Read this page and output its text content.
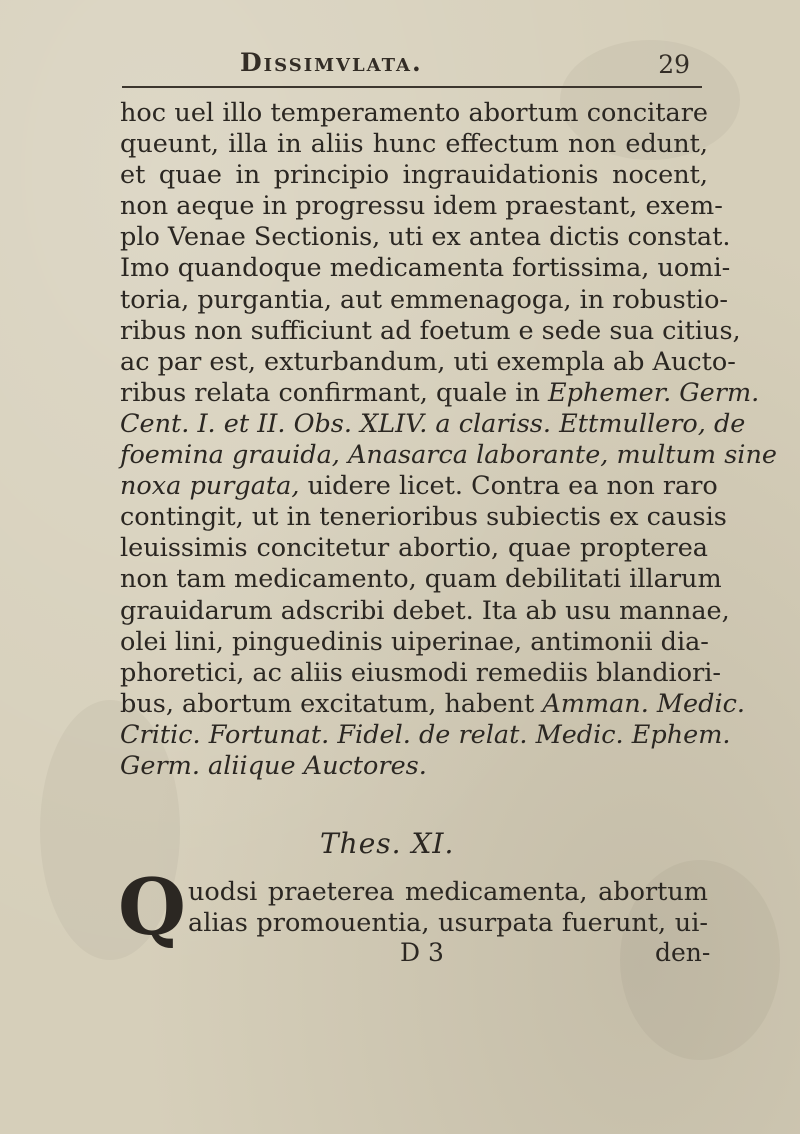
Dissimvlata.	29
hoc uel illo temperamento abortum concitare
queunt, illa in aliis hunc effectum non edunt,
et quae in principio ingrauidationis nocent,
non aeque in progressu idem praestant, exem-
plo Venae Sectionis, uti ex antea dictis constat.
Imo quandoque medicamenta fortissima, uomi-
toria, purgantia, aut emmenagoga, in robustio-
ribus non sufficiunt ad foetum e sede sua citius,
ac par est, exturbandum, uti exempla ab Aucto-
ribus relata confirmant, quale in Ephemer. Germ.
Cent. I. et II. Obs. XLIV. a clariss. Ettmullero, de
foemina grauida, Anasarca laborante, multum sine
noxa purgata, uidere licet. Contra ea non raro
contingit, ut in tenerioribus subiectis ex causis
leuissimis concitetur abortio, quae propterea
non tam medicamento, quam debilitati illarum
grauidarum adscribi debet. Ita ab usu mannae,
olei lini, pinguedinis uiperinae, antimonii dia-
phoretici, ac aliis eiusmodi remediis blandiori-
bus, abortum excitatum, habent Amman. Medic.
Critic. Fortunat. Fidel. de relat. Medic. Ephem.
Germ. aliique Auctores.
Thes. XI.
Q uodsi praeterea medicamenta, abortum
alias promouentia, usurpata fuerunt, ui-
D 3	den-
